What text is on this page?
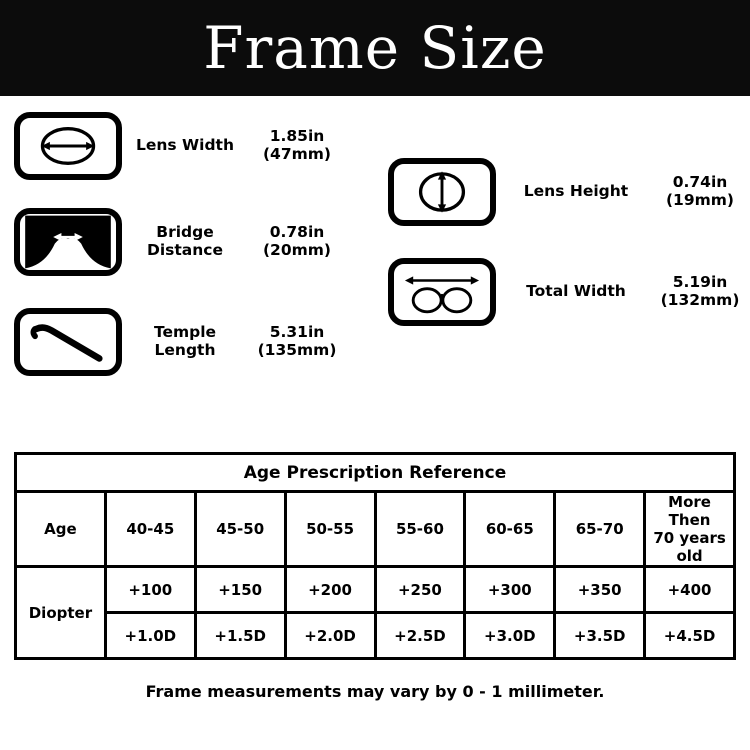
Frame Size
Lens Width	1.85in
(47mm)
Bridge
Distance
0.78in
(20mm)
Temple
Length
5.31in
(135mm)
Lens Height	0.74in
(19mm)
Total Width	5.19in
(132mm)
Age Prescription Reference							
Age	40-45	45-50	50-55	55-60	60-65	65-70	More Then
70 years old

Diopter	+100	+150	+200	+250	+300	+350	+400
	+1.0D	+1.5D	+2.0D	+2.5D	+3.0D	+3.5D	+4.5D
Frame measurements may vary by 0 - 1 millimeter.
